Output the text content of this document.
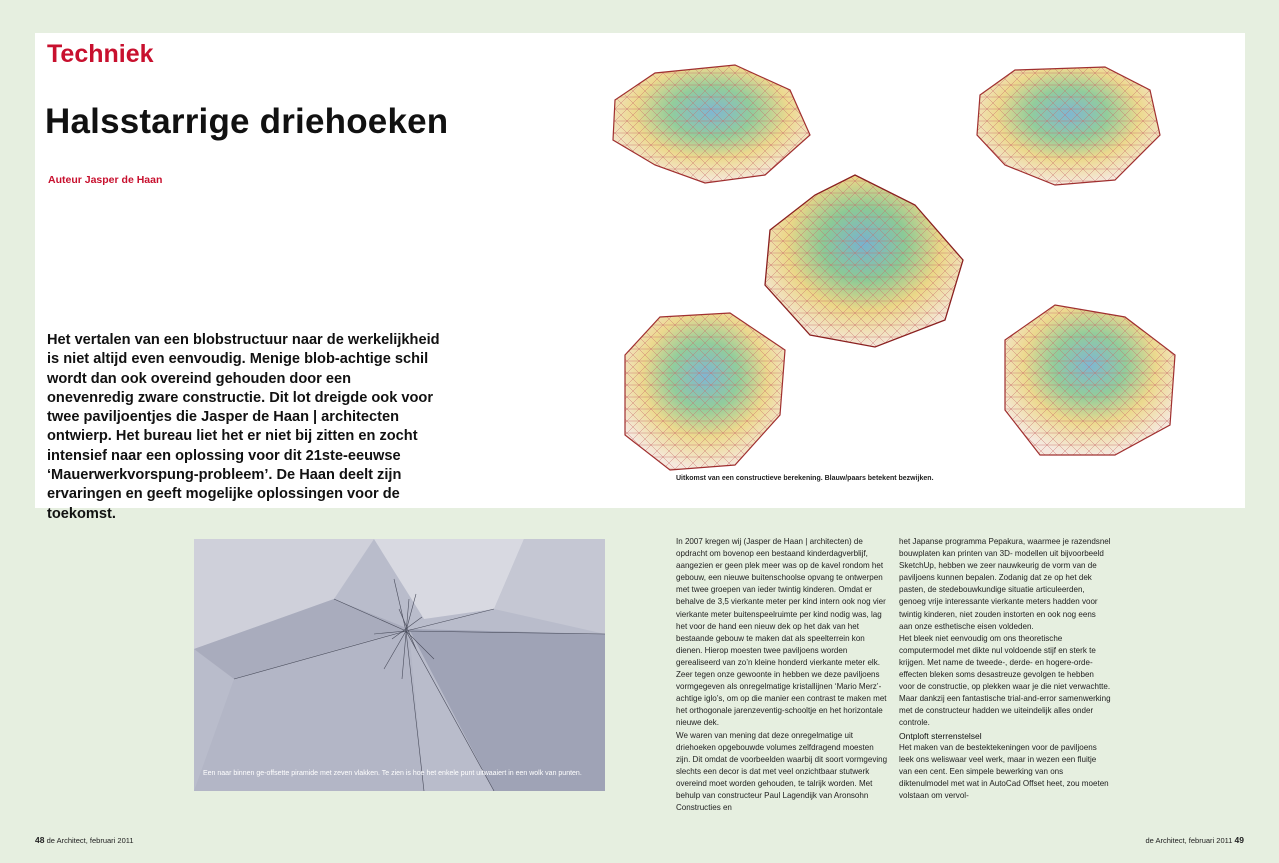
Techniek
Halsstarrige driehoeken
Auteur Jasper de Haan

Het vertalen van een blobstructuur naar de werkelijkheid is niet altijd even eenvoudig. Menige blob-achtige schil wordt dan ook overeind gehouden door een onevenredig zware constructie. Dit lot dreigde ook voor twee paviljoentjes die Jasper de Haan | architecten ontwierp. Het bureau liet het er niet bij zitten en zocht intensief naar een oplossing voor dit 21ste-eeuwse ‘Mauerwerkvorspung-probleem’. De Haan deelt zijn ervaringen en geeft mogelijke oplossingen voor de toekomst.

Uitkomst van een constructieve berekening. Blauw/paars betekent bezwijken.
Een naar binnen ge-offsette piramide met zeven vlakken. Te zien is hoe het enkele punt uitwaaiert in een wolk van punten.

In 2007 kregen wij (Jasper de Haan | architecten) de opdracht om bovenop een bestaand kinderdagverblijf, aangezien er geen plek meer was op de kavel rondom het gebouw, een nieuwe buitenschoolse opvang te ontwerpen met twee groepen van ieder twintig kinderen. Omdat er behalve de 3,5 vierkante meter per kind intern ook nog vier vierkante meter buitenspeelruimte per kind nodig was, lag het voor de hand een nieuw dek op het dak van het bestaande gebouw te maken dat als speelterrein kon dienen. Hierop moesten twee paviljoens worden gerealiseerd van zo’n kleine honderd vierkante meter elk. Zeer tegen onze gewoonte in hebben we deze paviljoens vormgegeven als onregelmatige kristallijnen ‘Mario Merz’-achtige iglo’s, om op die manier een contrast te maken met het orthogonale jarenzeventig-schooltje en het horizontale nieuwe dek.

We waren van mening dat deze onregelmatige uit driehoeken opgebouwde volumes zelfdragend moesten zijn. Dit omdat de voorbeelden waarbij dit soort vormgeving slechts een decor is dat met veel onzichtbaar stutwerk overeind moet worden gehouden, te talrijk worden. Met behulp van constructeur Paul Lagendijk van Aronsohn Constructies en

het Japanse programma Pepakura, waarmee je razendsnel bouwplaten kan printen van 3D- modellen uit bijvoorbeeld SketchUp, hebben we zeer nauwkeurig de vorm van de paviljoens kunnen bepalen. Zodanig dat ze op het dek pasten, de stedebouwkundige situatie articuleerden, genoeg vrije interessante vierkante meters hadden voor twintig kinderen, niet zouden instorten en ook nog eens aan onze esthetische eisen voldeden.

Het bleek niet eenvoudig om ons theoretische computermodel met dikte nul voldoende stijf en sterk te krijgen. Met name de tweede-, derde- en hogere-orde-effecten bleken soms desastreuze gevolgen te hebben voor de constructie, op plekken waar je die niet verwachtte. Maar dankzij een fantastische trial-and-error samenwerking met de constructeur hadden we uiteindelijk alles onder controle.

Ontploft sterrenstelsel

Het maken van de bestektekeningen voor de paviljoens leek ons weliswaar veel werk, maar in wezen een fluitje van een cent. Een simpele bewerking van ons diktenulmodel met wat in AutoCad Offset heet, zou moeten volstaan om vervol-

48 de Architect, februari 2011	de Architect, februari 2011 49
